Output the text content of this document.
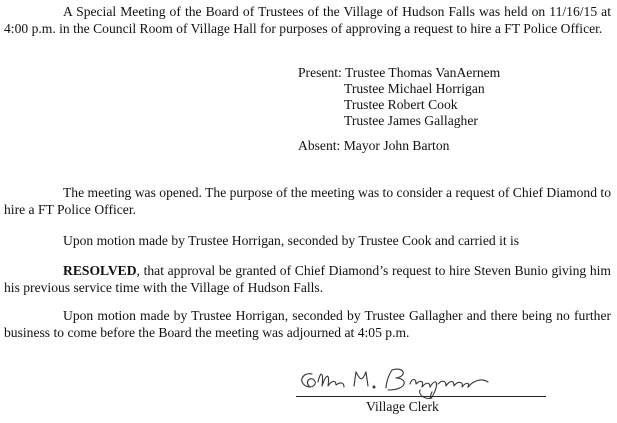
A Special Meeting of the Board of Trustees of the Village of Hudson Falls was held on 11/16/15 at 4:00 p.m. in the Council Room of Village Hall for purposes of approving a request to hire a FT Police Officer.

Present: Trustee Thomas VanAernem
Trustee Michael Horrigan
Trustee Robert Cook
Trustee James Gallagher
Absent: Mayor John Barton

The meeting was opened. The purpose of the meeting was to consider a request of Chief Diamond to hire a FT Police Officer.

Upon motion made by Trustee Horrigan, seconded by Trustee Cook and carried it is

RESOLVED, that approval be granted of Chief Diamond’s request to hire Steven Bunio giving him his previous service time with the Village of Hudson Falls.

Upon motion made by Trustee Horrigan, seconded by Trustee Gallagher and there being no further business to come before the Board the meeting was adjourned at 4:05 p.m.

Village Clerk
